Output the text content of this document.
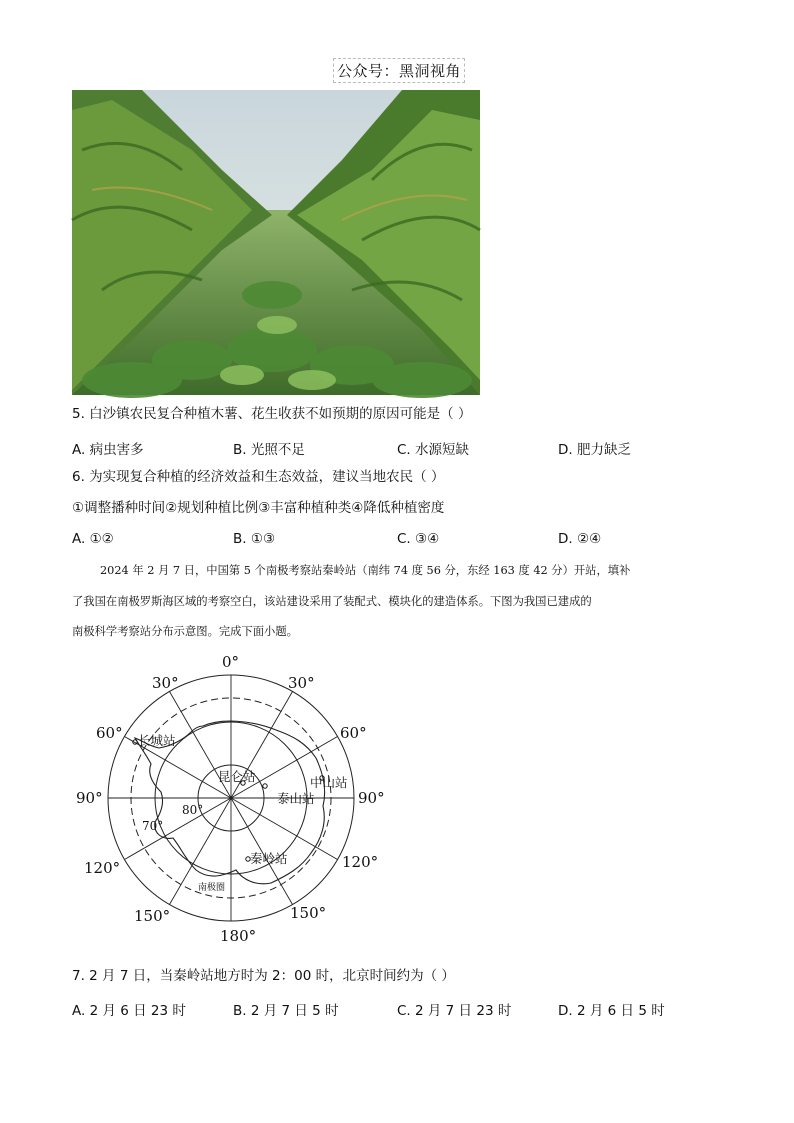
公众号：黑洞视角
5. 白沙镇农民复合种植木薯、花生收获不如预期的原因可能是（ ）
A. 病虫害多	B. 光照不足	C. 水源短缺	D. 肥力缺乏
6. 为实现复合种植的经济效益和生态效益，建议当地农民（ ）
①调整播种时间②规划种植比例③丰富种植种类④降低种植密度
A. ①②	B. ①③	C. ③④	D. ②④
2024 年 2 月 7 日，中国第 5 个南极考察站秦岭站（南纬 74 度 56 分，东经 163 度 42 分）开站，填补
了我国在南极罗斯海区域的考察空白，该站建设采用了装配式、模块化的建造体系。下图为我国已建成的
南极科学考察站分布示意图。完成下面小题。
0°
180°
30°	30°
60°	60°
90°	90°
120°	120°
150°	150°
80°
70°
南极圈
长城站
昆仑站	中山站
泰山站
秦岭站
7. 2 月 7 日，当秦岭站地方时为 2：00 时，北京时间约为（ ）
A. 2 月 6 日 23 时	B. 2 月 7 日 5 时	C. 2 月 7 日 23 时	D. 2 月 6 日 5 时
